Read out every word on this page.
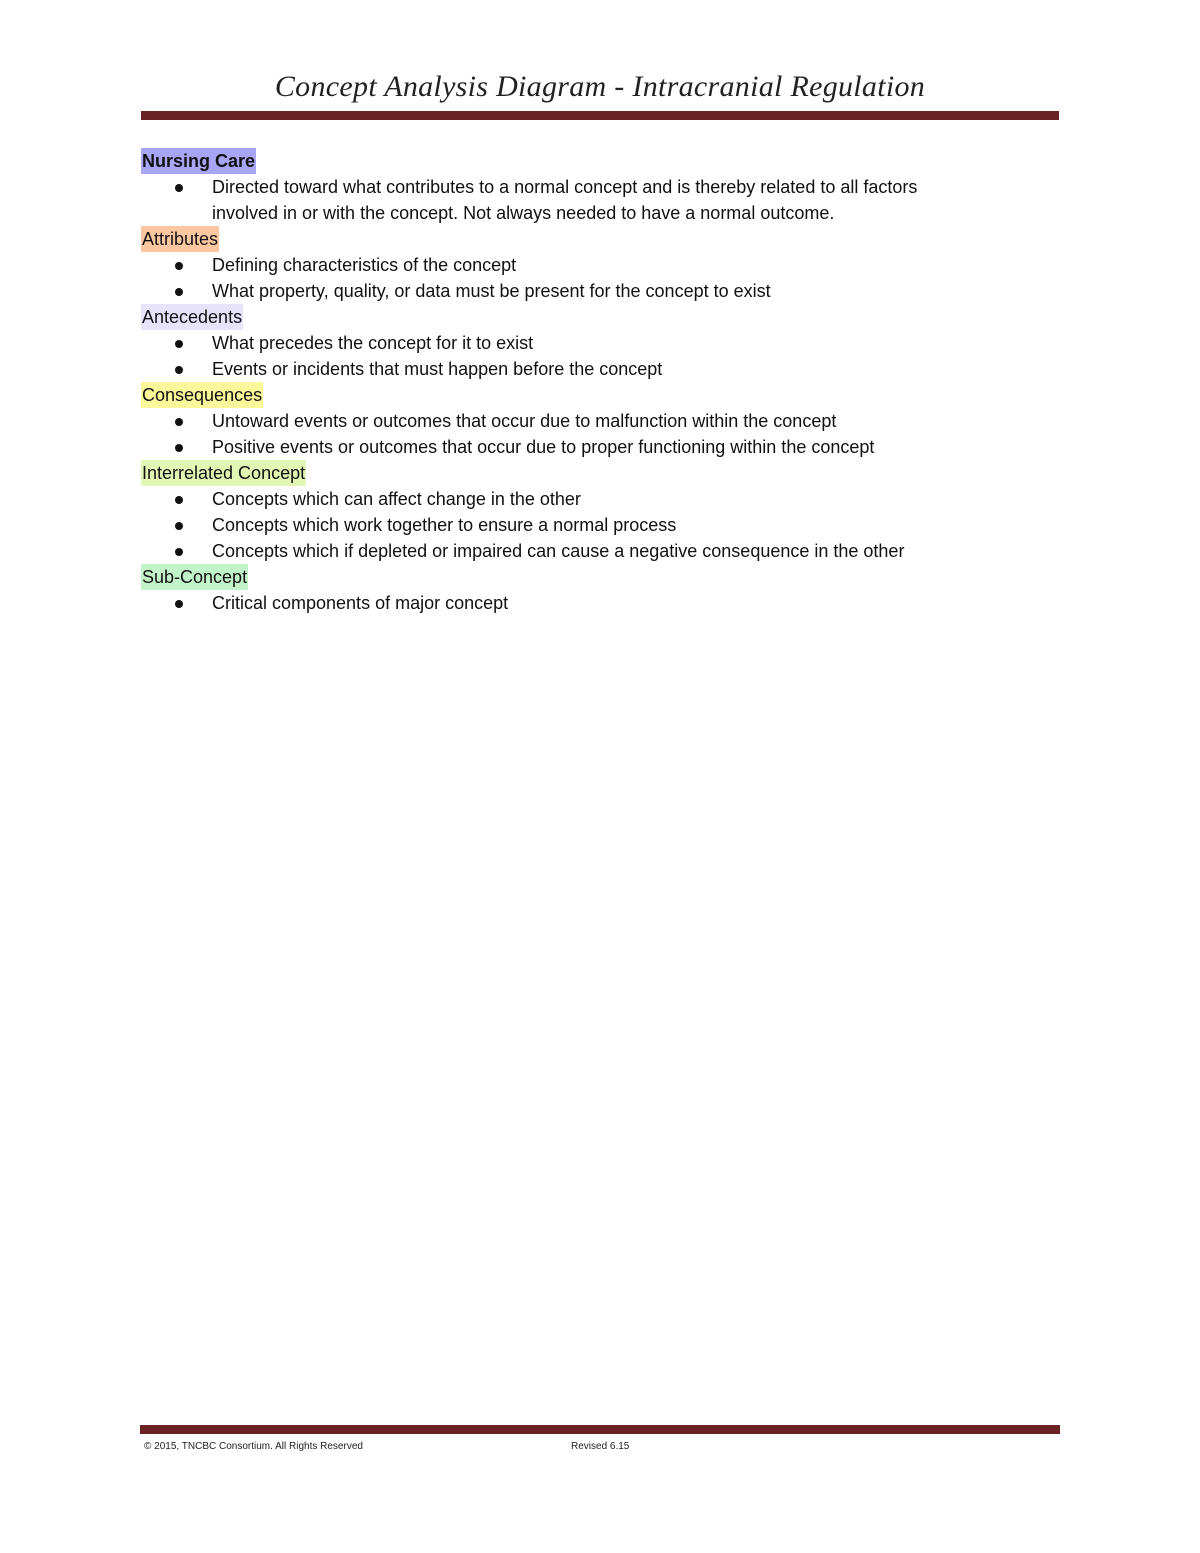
Concept Analysis Diagram - Intracranial Regulation
Nursing Care
Directed toward what contributes to a normal concept and is thereby related to all factors
involved in or with the concept. Not always needed to have a normal outcome.
Attributes
Defining characteristics of the concept
What property, quality, or data must be present for the concept to exist
Antecedents
What precedes the concept for it to exist
Events or incidents that must happen before the concept
Consequences
Untoward events or outcomes that occur due to malfunction within the concept
Positive events or outcomes that occur due to proper functioning within the concept
Interrelated Concept
Concepts which can affect change in the other
Concepts which work together to ensure a normal process
Concepts which if depleted or impaired can cause a negative consequence in the other
Sub-Concept
Critical components of major concept
© 2015, TNCBC Consortium. All Rights Reserved	Revised 6.15
